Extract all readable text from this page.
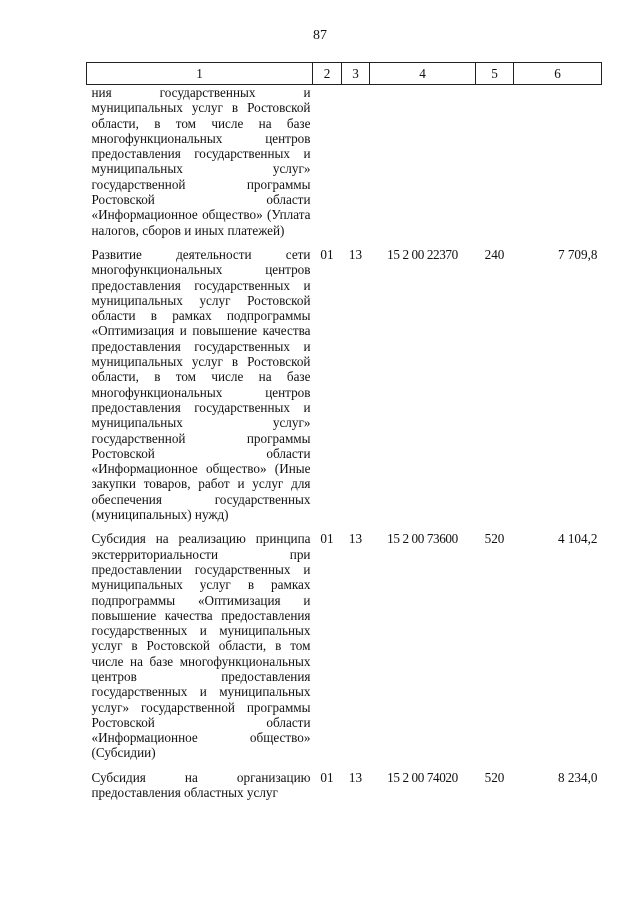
87
1	2	3	4	5	6
ния государственных и муниципальных услуг в Ростовской области, в том числе на базе многофункциональных центров предоставления государственных и муниципальных услуг» государственной программы Ростовской области «Информационное общество» (Уплата налогов, сборов и иных платежей)					
Развитие деятельности сети многофункциональных центров предоставления государственных и муниципальных услуг Ростовской области в рамках подпрограммы «Оптимизация и повышение качества предоставления государственных и муниципальных услуг в Ростовской области, в том числе на базе многофункциональных центров предоставления государственных и муниципальных услуг» государственной программы Ростовской области «Информационное общество» (Иные закупки товаров, работ и услуг для обеспечения государственных (муниципальных) нужд)	01	13	15 2 00 22370	240	7 709,8
Субсидия на реализацию принципа экстерриториальности при предоставлении государственных и муниципальных услуг в рамках подпрограммы «Оптимизация и повышение качества предоставления государственных и муниципальных услуг в Ростовской области, в том числе на базе многофункциональных центров предоставления государственных и муниципальных услуг» государственной программы Ростовской области «Информационное общество» (Субсидии)	01	13	15 2 00 73600	520	4 104,2
Субсидия на организацию предоставления областных услуг	01	13	15 2 00 74020	520	8 234,0
